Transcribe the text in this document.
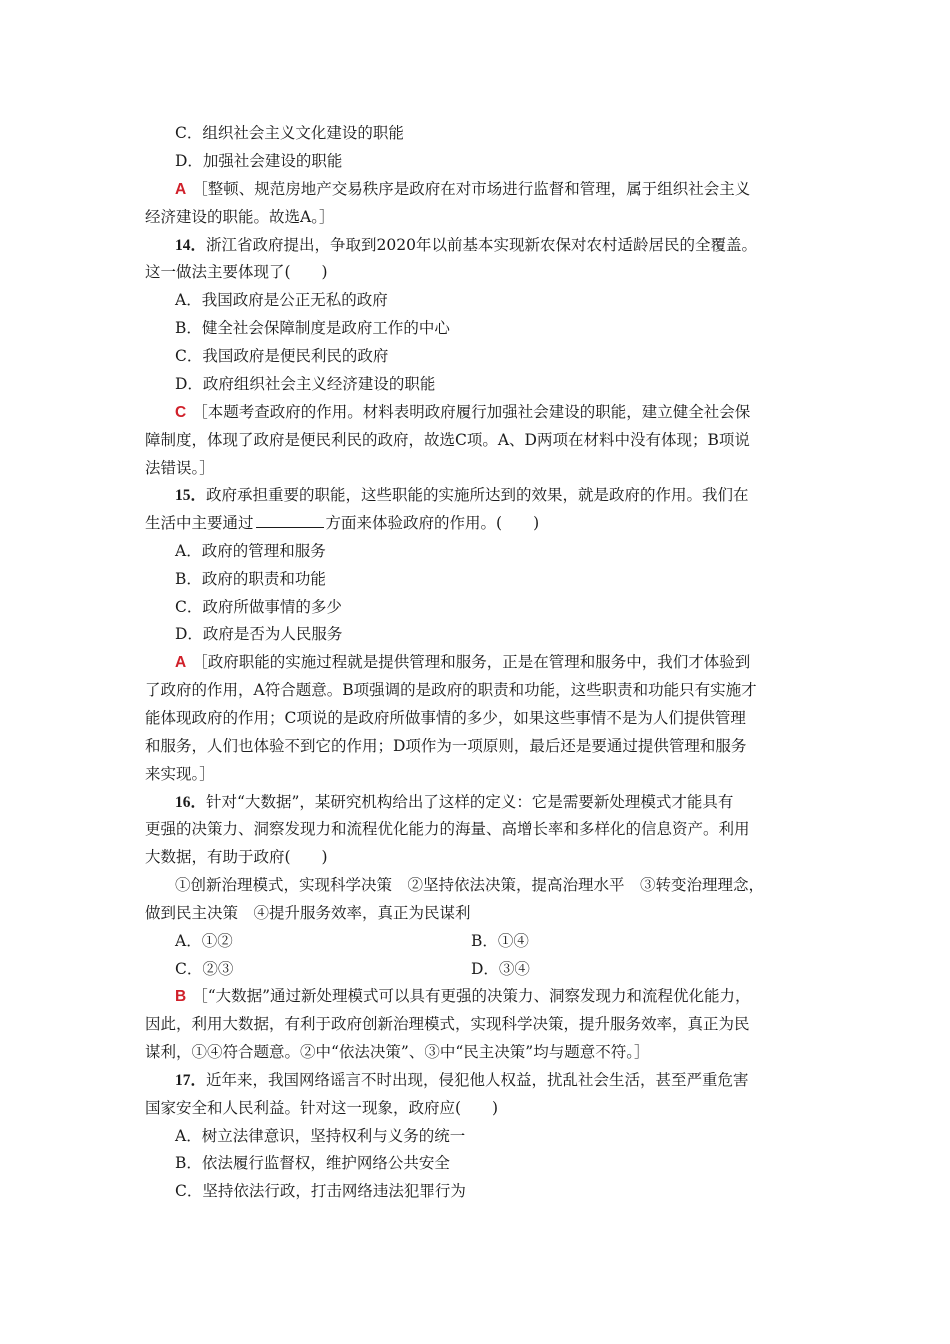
C．组织社会主义文化建设的职能
D．加强社会建设的职能
A ［整顿、规范房地产交易秩序是政府在对市场进行监督和管理，属于组织社会主义
经济建设的职能。故选A。］
14．浙江省政府提出，争取到2020年以前基本实现新农保对农村适龄居民的全覆盖。
这一做法主要体现了(　　)
A．我国政府是公正无私的政府
B．健全社会保障制度是政府工作的中心
C．我国政府是便民利民的政府
D．政府组织社会主义经济建设的职能
C ［本题考查政府的作用。材料表明政府履行加强社会建设的职能，建立健全社会保
障制度，体现了政府是便民利民的政府，故选C项。A、D两项在材料中没有体现；B项说
法错误。］
15．政府承担重要的职能，这些职能的实施所达到的效果，就是政府的作用。我们在
生活中主要通过	方面来体验政府的作用。(　　)
A．政府的管理和服务
B．政府的职责和功能
C．政府所做事情的多少
D．政府是否为人民服务
A ［政府职能的实施过程就是提供管理和服务，正是在管理和服务中，我们才体验到
了政府的作用，A符合题意。B项强调的是政府的职责和功能，这些职责和功能只有实施才
能体现政府的作用；C项说的是政府所做事情的多少，如果这些事情不是为人们提供管理
和服务，人们也体验不到它的作用；D项作为一项原则，最后还是要通过提供管理和服务
来实现。］
16．针对“大数据”，某研究机构给出了这样的定义：它是需要新处理模式才能具有
更强的决策力、洞察发现力和流程优化能力的海量、高增长率和多样化的信息资产。利用
大数据，有助于政府(　　)
①创新治理模式，实现科学决策　②坚持依法决策，提高治理水平　③转变治理理念，
做到民主决策　④提升服务效率，真正为民谋利
A．①②	B．①④
C．②③	D．③④
B ［“大数据”通过新处理模式可以具有更强的决策力、洞察发现力和流程优化能力，
因此，利用大数据，有利于政府创新治理模式，实现科学决策，提升服务效率，真正为民
谋利，①④符合题意。②中“依法决策”、③中“民主决策”均与题意不符。］
17．近年来，我国网络谣言不时出现，侵犯他人权益，扰乱社会生活，甚至严重危害
国家安全和人民利益。针对这一现象，政府应(　　)
A．树立法律意识，坚持权利与义务的统一
B．依法履行监督权，维护网络公共安全
C．坚持依法行政，打击网络违法犯罪行为
